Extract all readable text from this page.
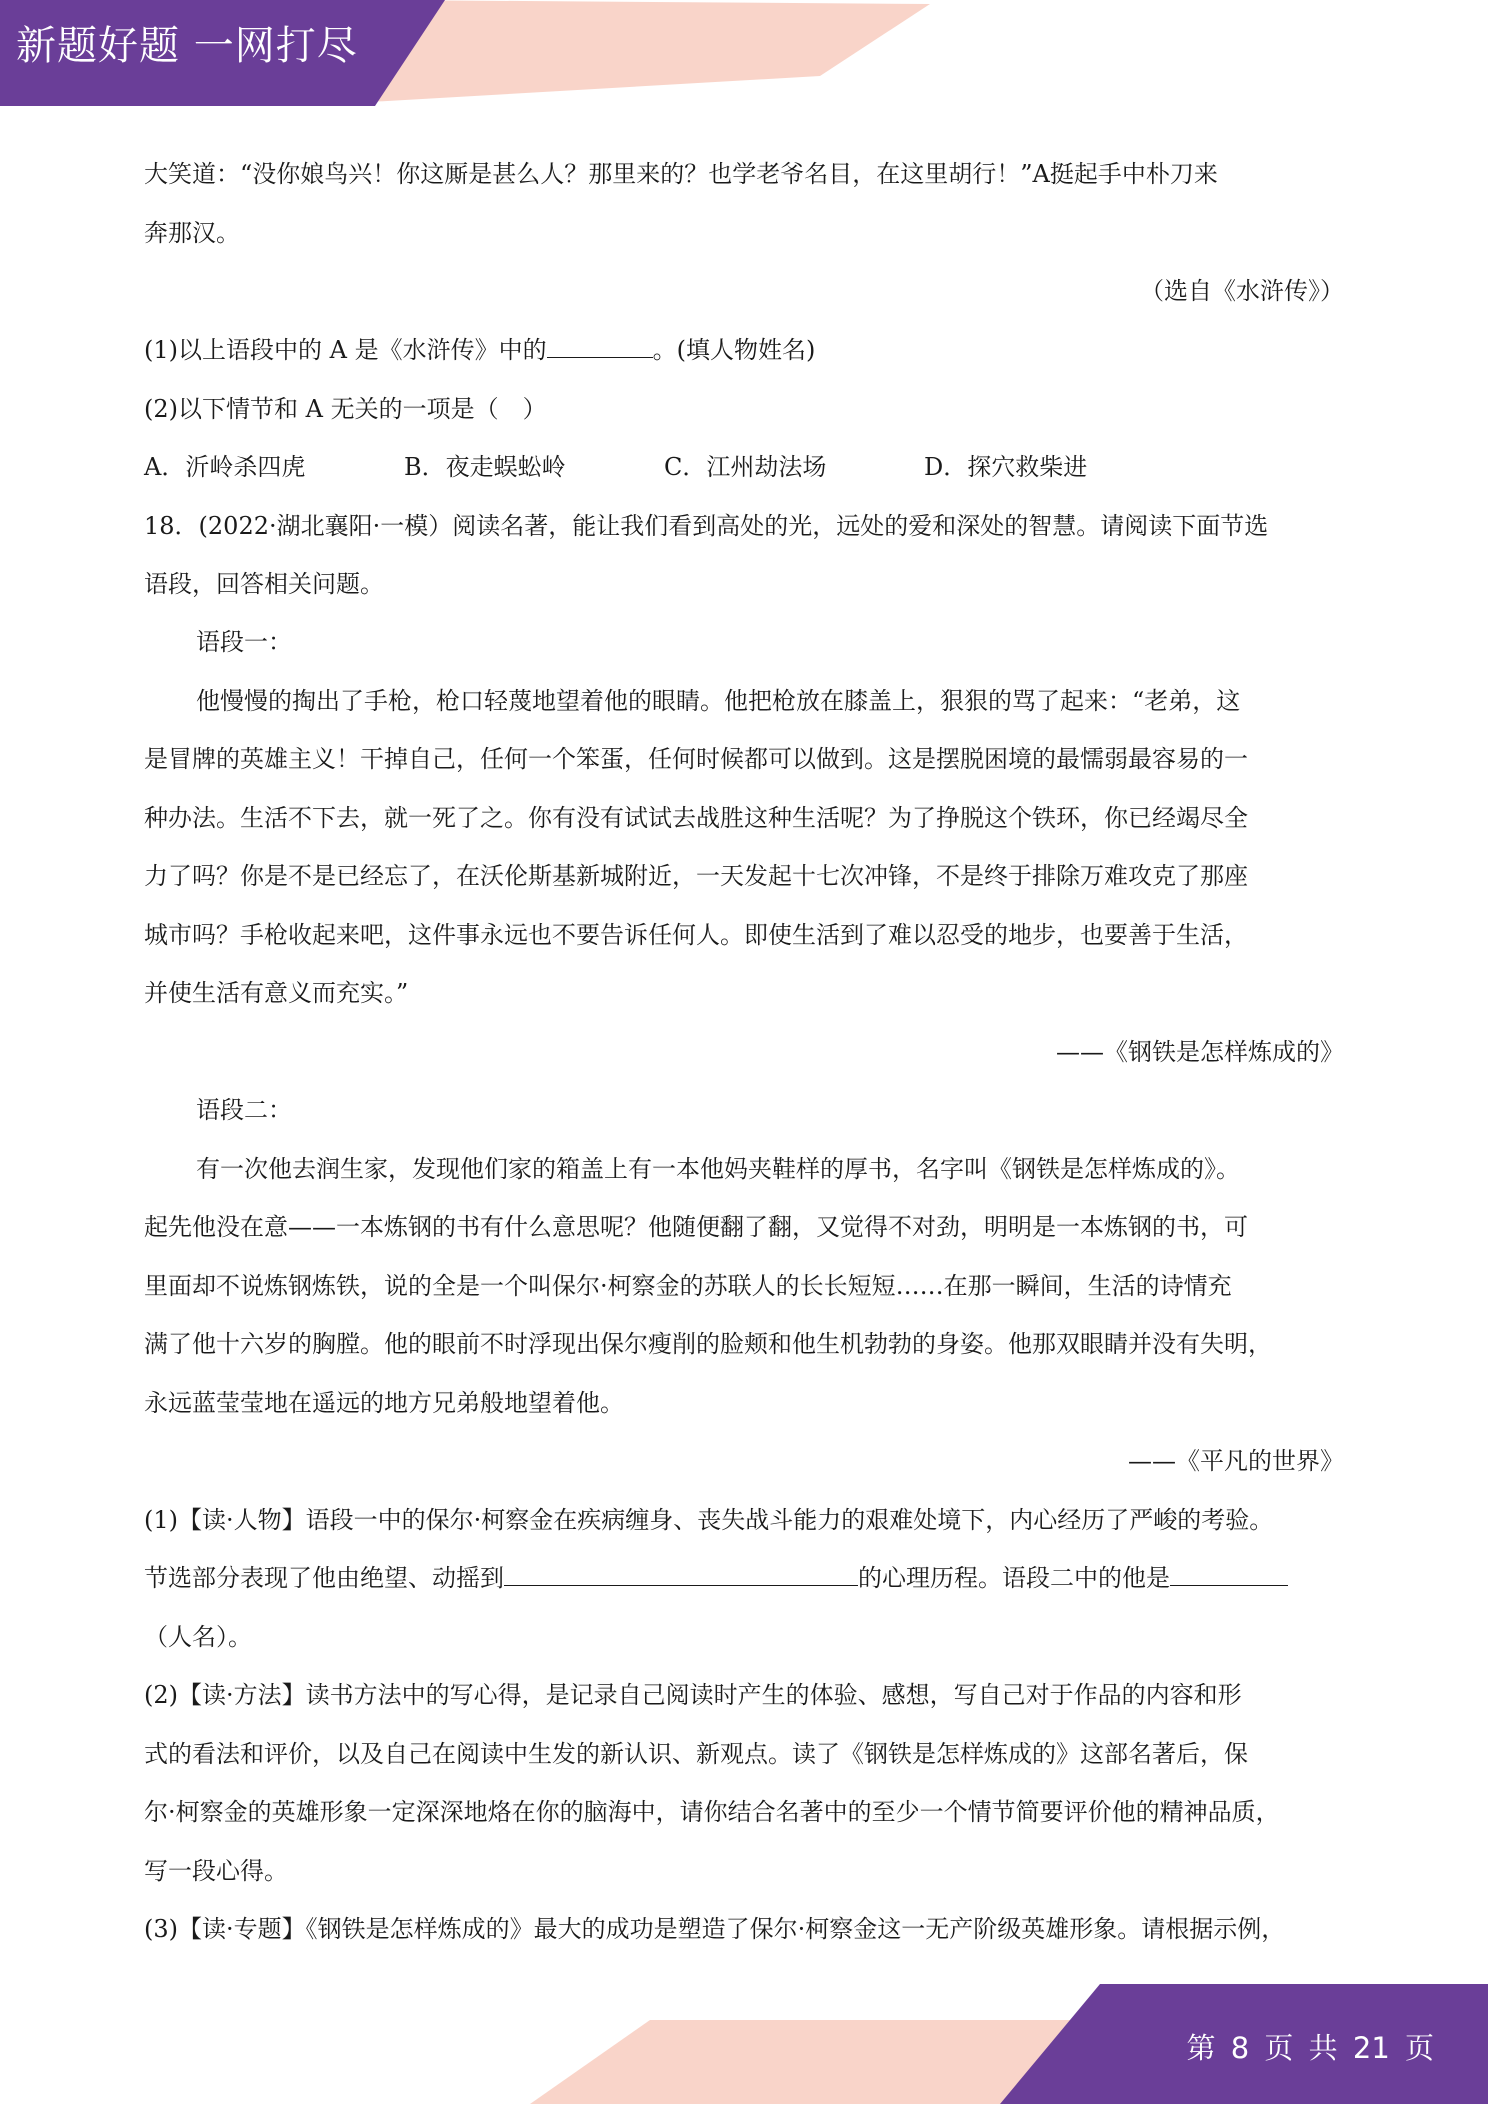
新题好题 一网打尽
第 8 页 共 21 页
大笑道：“没你娘鸟兴！你这厮是甚么人？那里来的？也学老爷名目，在这里胡行！”A挺起手中朴刀来
奔那汉。
（选自《水浒传》）
(1)以上语段中的 A 是《水浒传》中的	。(填人物姓名)
(2)以下情节和 A 无关的一项是（　）
A．沂岭杀四虎	B．夜走蜈蚣岭	C．江州劫法场	D．探穴救柴进
18．(2022·湖北襄阳·一模）阅读名著，能让我们看到高处的光，远处的爱和深处的智慧。请阅读下面节选
语段，回答相关问题。
语段一：
他慢慢的掏出了手枪，枪口轻蔑地望着他的眼睛。他把枪放在膝盖上，狠狠的骂了起来：“老弟，这
是冒牌的英雄主义！干掉自己，任何一个笨蛋，任何时候都可以做到。这是摆脱困境的最懦弱最容易的一
种办法。生活不下去，就一死了之。你有没有试试去战胜这种生活呢？为了挣脱这个铁环，你已经竭尽全
力了吗？你是不是已经忘了，在沃伦斯基新城附近，一天发起十七次冲锋，不是终于排除万难攻克了那座
城市吗？手枪收起来吧，这件事永远也不要告诉任何人。即使生活到了难以忍受的地步，也要善于生活，
并使生活有意义而充实。”
——《钢铁是怎样炼成的》
语段二：
有一次他去润生家，发现他们家的箱盖上有一本他妈夹鞋样的厚书，名字叫《钢铁是怎样炼成的》。
起先他没在意——一本炼钢的书有什么意思呢？他随便翻了翻，又觉得不对劲，明明是一本炼钢的书，可
里面却不说炼钢炼铁，说的全是一个叫保尔·柯察金的苏联人的长长短短……在那一瞬间，生活的诗情充
满了他十六岁的胸膛。他的眼前不时浮现出保尔瘦削的脸颊和他生机勃勃的身姿。他那双眼睛并没有失明，
永远蓝莹莹地在遥远的地方兄弟般地望着他。
——《平凡的世界》
(1)【读·人物】语段一中的保尔·柯察金在疾病缠身、丧失战斗能力的艰难处境下，内心经历了严峻的考验。
节选部分表现了他由绝望、动摇到	的心理历程。语段二中的他是
（人名）。
(2)【读·方法】读书方法中的写心得，是记录自己阅读时产生的体验、感想，写自己对于作品的内容和形
式的看法和评价，以及自己在阅读中生发的新认识、新观点。读了《钢铁是怎样炼成的》这部名著后，保
尔·柯察金的英雄形象一定深深地烙在你的脑海中，请你结合名著中的至少一个情节简要评价他的精神品质，
写一段心得。
(3)【读·专题】《钢铁是怎样炼成的》最大的成功是塑造了保尔·柯察金这一无产阶级英雄形象。请根据示例，
